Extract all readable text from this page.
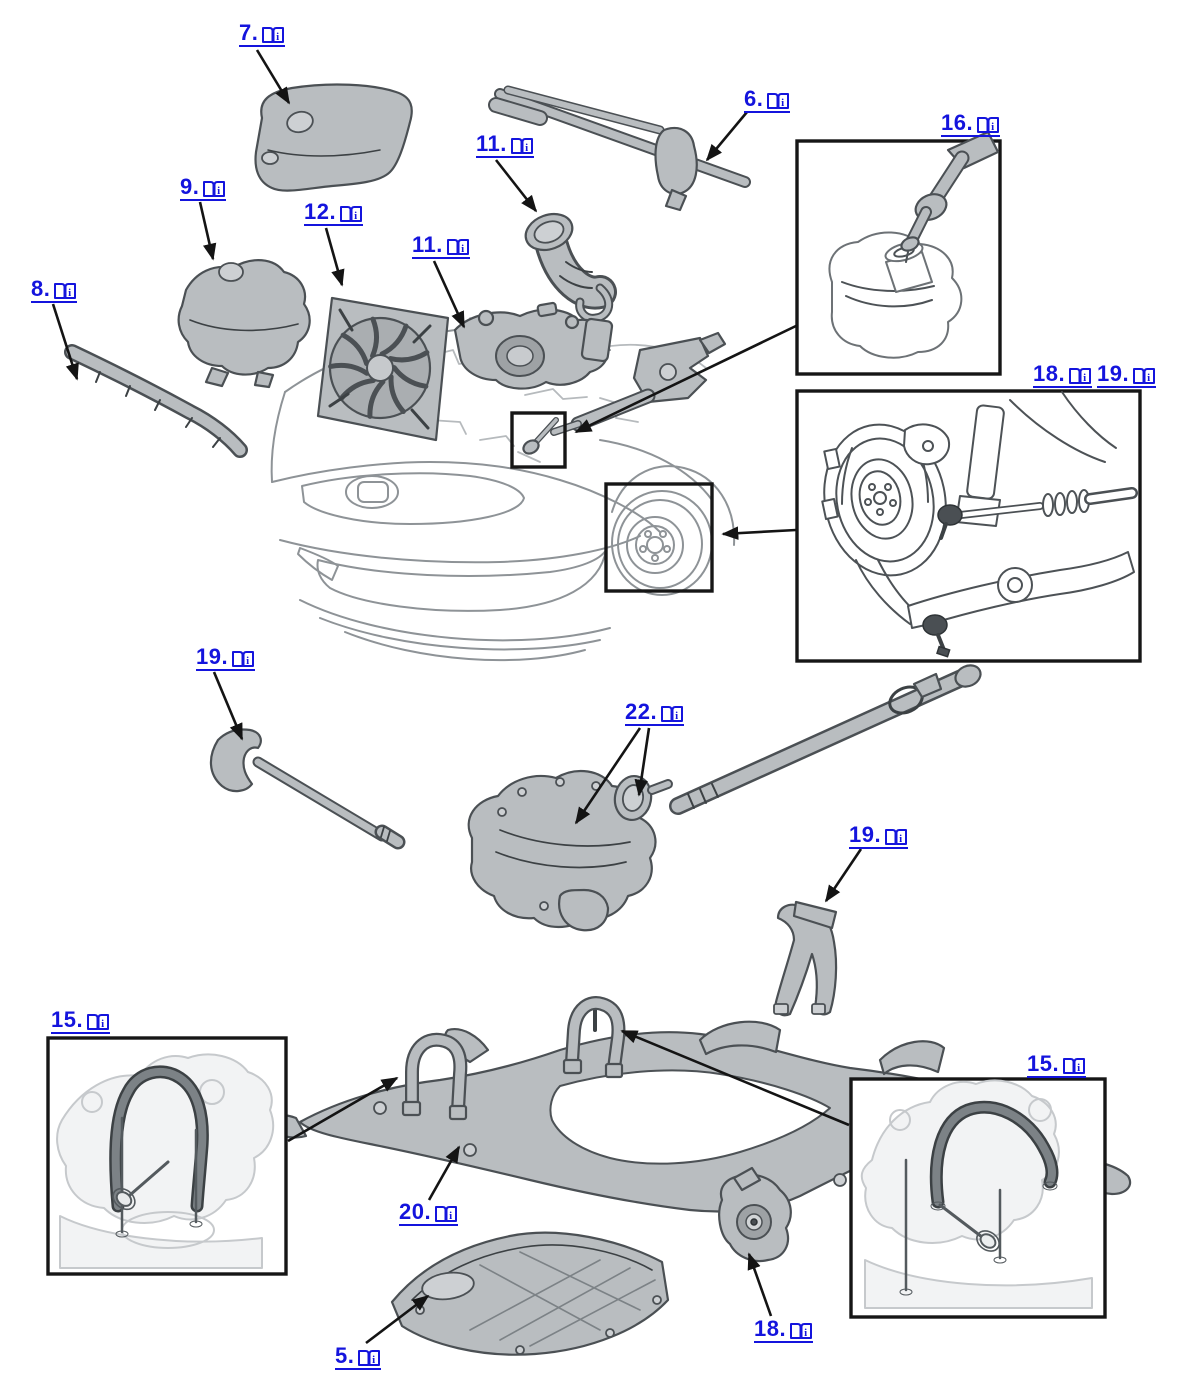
7. i
6. i
16. i
11. i
9. i
12. i
11. i
8. i
18. i 19. i
19. i
22. i
19. i
15. i
20. i
5. i
18. i
15. i
